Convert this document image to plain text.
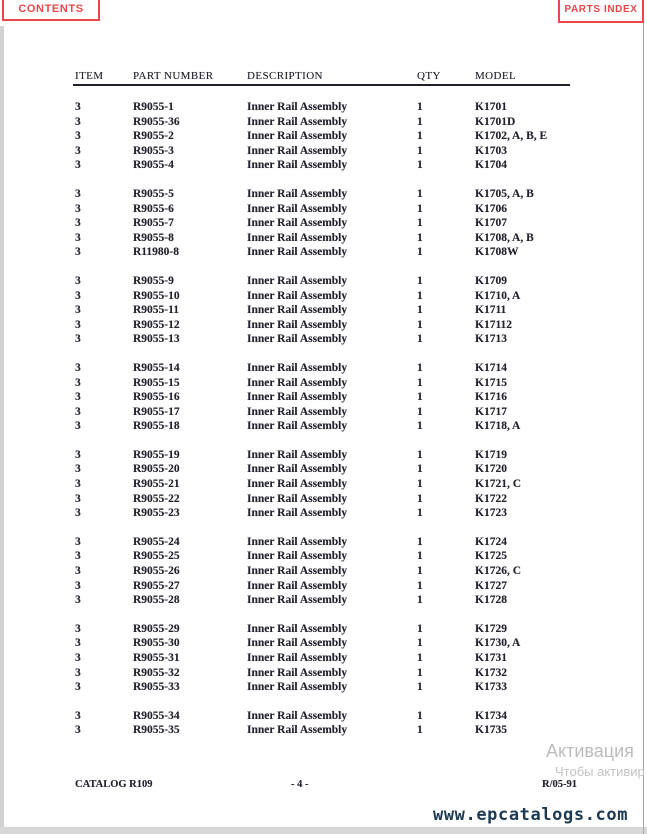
CONTENTS	PARTS INDEX
ITEM	PART NUMBER	DESCRIPTION	QTY	MODEL
3	R9055-1	Inner Rail Assembly	1	K1701
3	R9055-36	Inner Rail Assembly	1	K1701D
3	R9055-2	Inner Rail Assembly	1	K1702, A, B, E
3	R9055-3	Inner Rail Assembly	1	K1703
3	R9055-4	Inner Rail Assembly	1	K1704
3	R9055-5	Inner Rail Assembly	1	K1705, A, B
3	R9055-6	Inner Rail Assembly	1	K1706
3	R9055-7	Inner Rail Assembly	1	K1707
3	R9055-8	Inner Rail Assembly	1	K1708, A, B
3	R11980-8	Inner Rail Assembly	1	K1708W
3	R9055-9	Inner Rail Assembly	1	K1709
3	R9055-10	Inner Rail Assembly	1	K1710, A
3	R9055-11	Inner Rail Assembly	1	K1711
3	R9055-12	Inner Rail Assembly	1	K17112
3	R9055-13	Inner Rail Assembly	1	K1713
3	R9055-14	Inner Rail Assembly	1	K1714
3	R9055-15	Inner Rail Assembly	1	K1715
3	R9055-16	Inner Rail Assembly	1	K1716
3	R9055-17	Inner Rail Assembly	1	K1717
3	R9055-18	Inner Rail Assembly	1	K1718, A
3	R9055-19	Inner Rail Assembly	1	K1719
3	R9055-20	Inner Rail Assembly	1	K1720
3	R9055-21	Inner Rail Assembly	1	K1721, C
3	R9055-22	Inner Rail Assembly	1	K1722
3	R9055-23	Inner Rail Assembly	1	K1723
3	R9055-24	Inner Rail Assembly	1	K1724
3	R9055-25	Inner Rail Assembly	1	K1725
3	R9055-26	Inner Rail Assembly	1	K1726, C
3	R9055-27	Inner Rail Assembly	1	K1727
3	R9055-28	Inner Rail Assembly	1	K1728
3	R9055-29	Inner Rail Assembly	1	K1729
3	R9055-30	Inner Rail Assembly	1	K1730, A
3	R9055-31	Inner Rail Assembly	1	K1731
3	R9055-32	Inner Rail Assembly	1	K1732
3	R9055-33	Inner Rail Assembly	1	K1733
3	R9055-34	Inner Rail Assembly	1	K1734
3	R9055-35	Inner Rail Assembly	1	K1735
CATALOG R109	- 4 -	R/05-91
Активация
Чтобы активир
www.epcatalogs.com
